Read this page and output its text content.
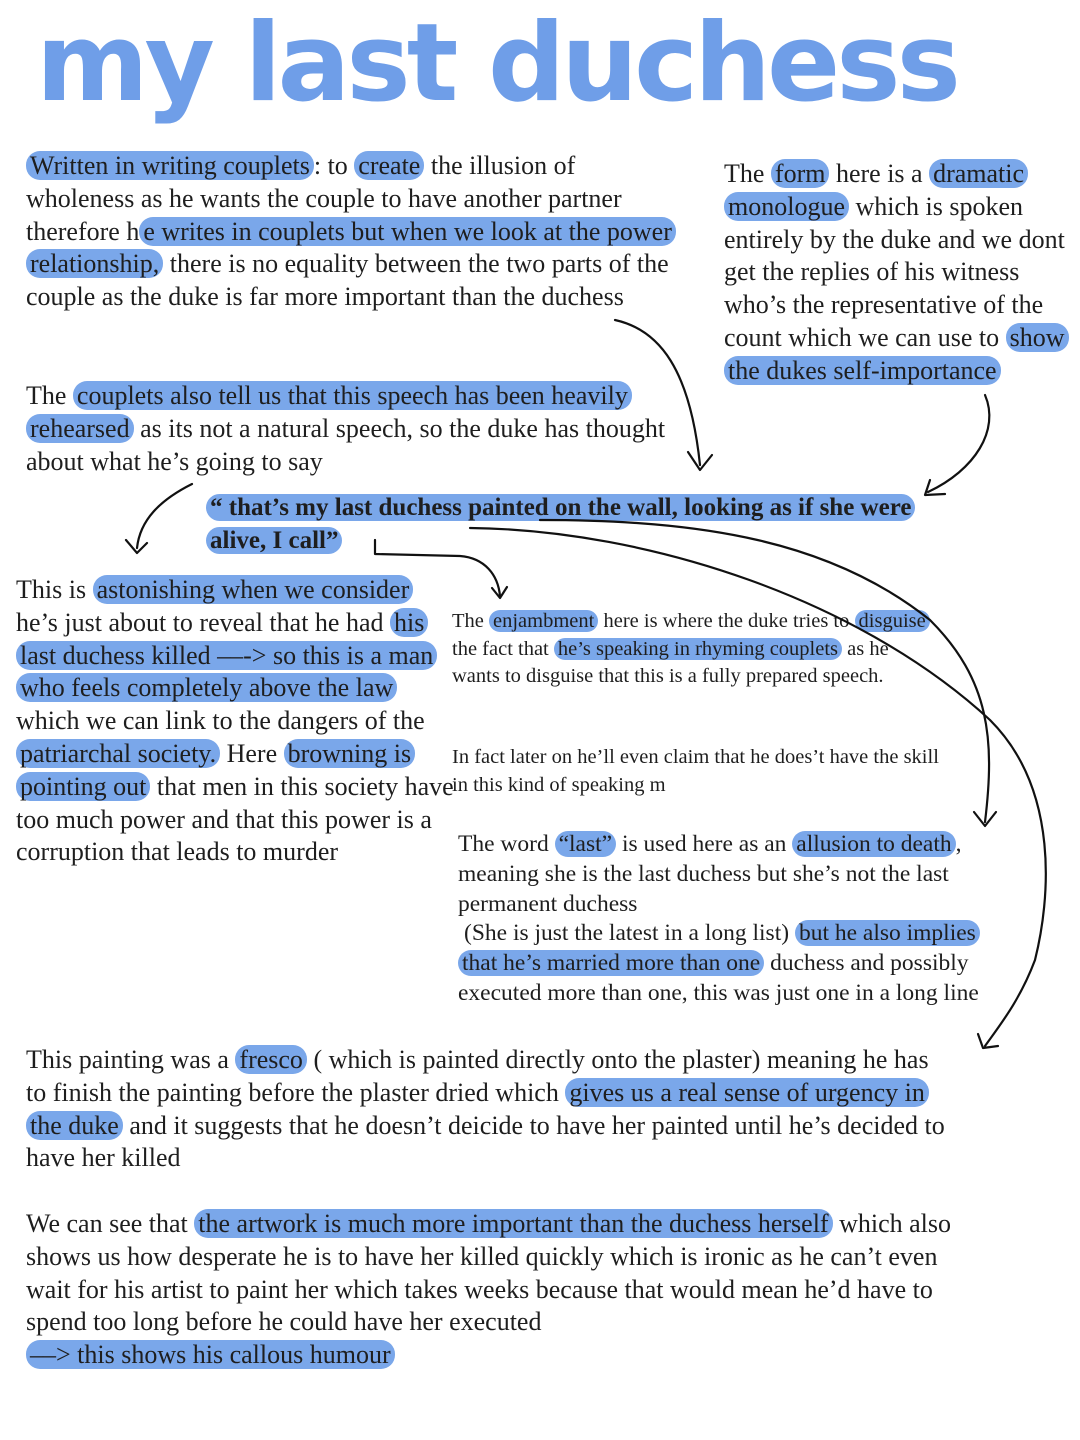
my last duchess
Written in writing couplets : to create the illusion of wholeness as he wants the couple to have another partner therefore h e writes in couplets but when we look at the power relationship, there is no equality between the two parts of the couple as the duke is far more important than the duchess
The couplets also tell us that this speech has been heavily rehearsed as its not a natural speech, so the duke has thought about what he’s going to say
The form here is a dramatic monologue which is spoken entirely by the duke and we dont get the replies of his witness who’s the representative of the count which we can use to show the dukes self-importance
“ that’s my last duchess painted on the wall, looking as if she were alive, I call”
This is astonishing when we consider he’s just about to reveal that he had his last duchess killed ––-> so this is a man who feels completely above the law which we can link to the dangers of the patriarchal society. Here browning is pointing out that men in this society have too much power and that this power is a corruption that leads to murder
The enjambment here is where the duke tries to disguise the fact that he’s speaking in rhyming couplets as he wants to disguise that this is a fully prepared speech.
In fact later on he’ll even claim that he does’t have the skill in this kind of speaking m
The word “last” is used here as an allusion to death , meaning she is the last duchess but she’s not the last permanent duchess
(She is just the latest in a long list) but he also implies that he’s married more than one duchess and possibly executed more than one, this was just one in a long line
This painting was a fresco ( which is painted directly onto the plaster) meaning he has to finish the painting before the plaster dried which gives us a real sense of urgency in the duke and it suggests that he doesn’t deicide to have her painted until he’s decided to have her killed
We can see that the artwork is much more important than the duchess herself which also shows us how desperate he is to have her killed quickly which is ironic as he can’t even wait for his artist to paint her which takes weeks because that would mean he’d have to spend too long before he could have her executed
––> this shows his callous humour
